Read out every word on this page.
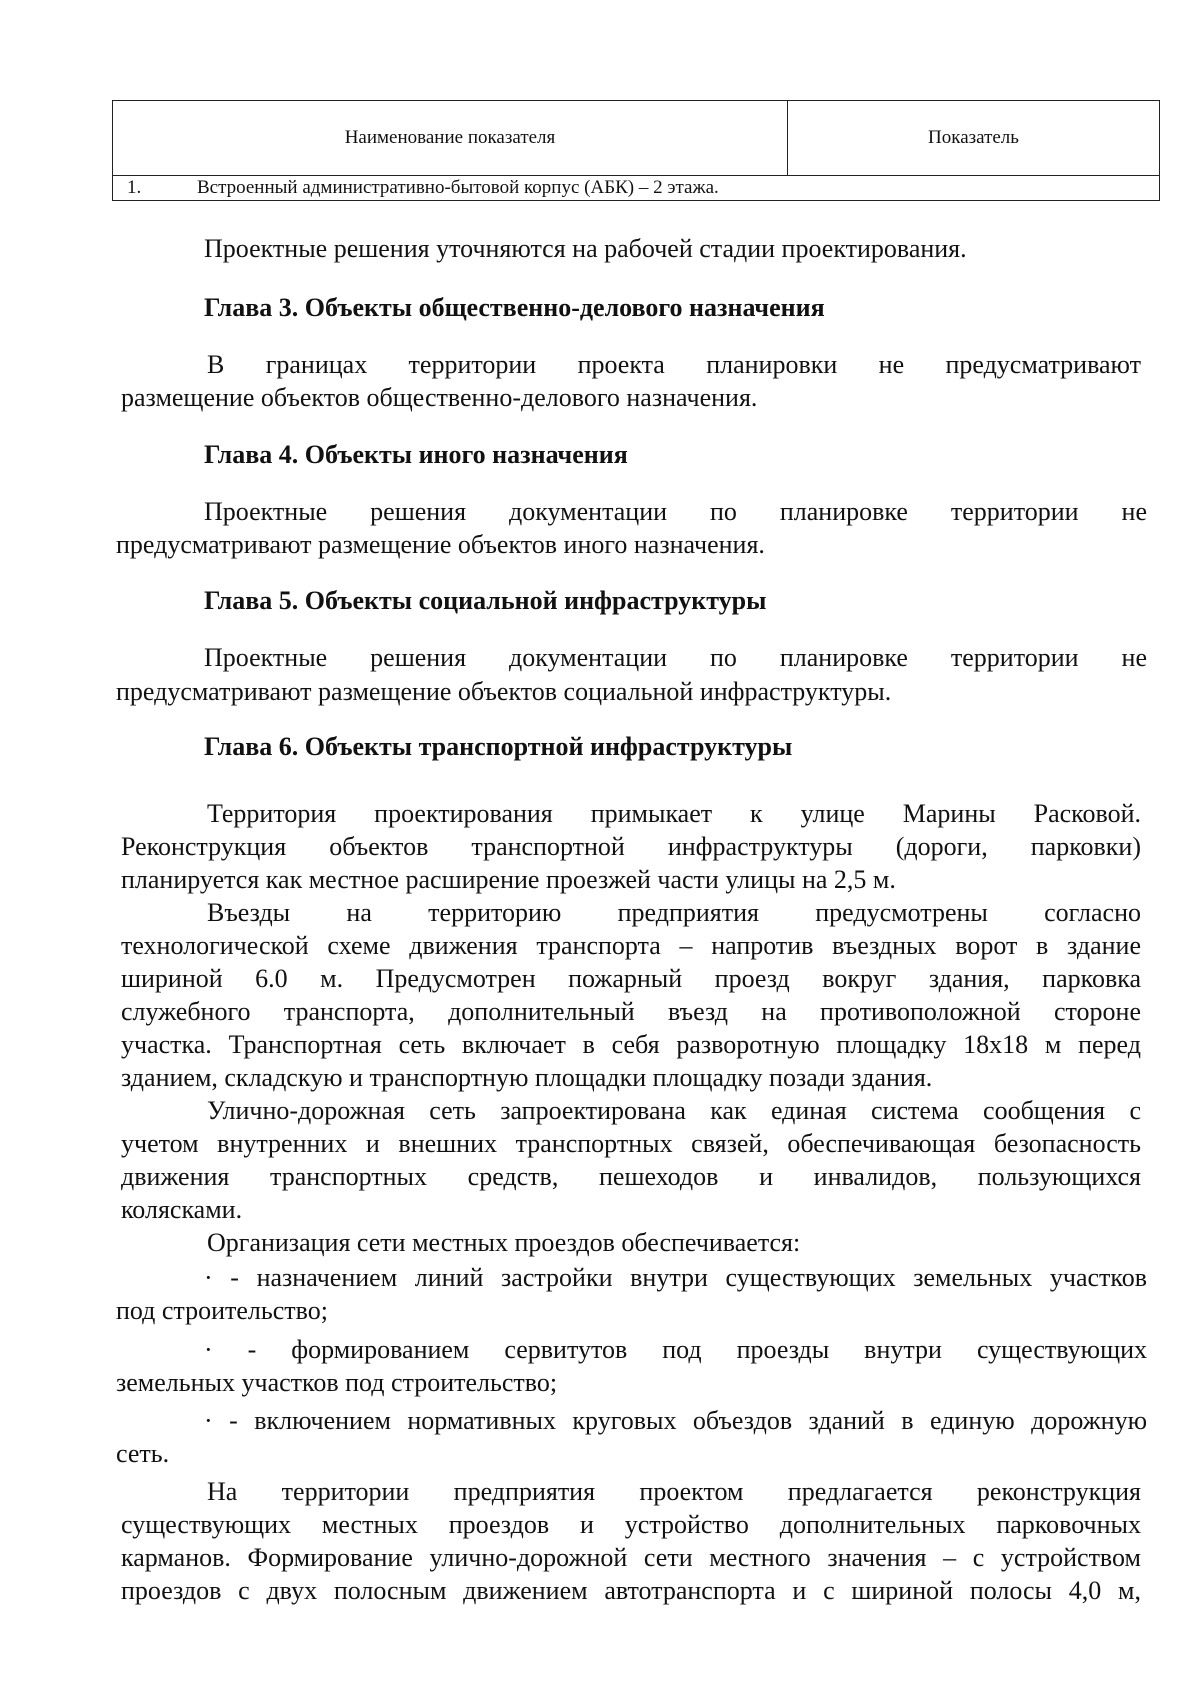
Наименование показателя	Показатель
1.	Встроенный административно-бытовой корпус (АБК) – 2 этажа.

Проектные решения уточняются на рабочей стадии проектирования.

Глава 3. Объекты общественно-делового назначения

В границах территории проекта планировки не предусматривают

размещение объектов общественно-делового назначения.

Глава 4. Объекты иного назначения

Проектные решения документации по планировке территории не

предусматривают размещение объектов иного назначения.

Глава 5. Объекты социальной инфраструктуры

Проектные решения документации по планировке территории не

предусматривают размещение объектов социальной инфраструктуры.

Глава 6. Объекты транспортной инфраструктуры

Территория проектирования примыкает к улице Марины Расковой.

Реконструкция объектов транспортной инфраструктуры (дороги, парковки)

планируется как местное расширение проезжей части улицы на 2,5 м.

Въезды на территорию предприятия предусмотрены согласно

технологической схеме движения транспорта – напротив въездных ворот в здание

шириной 6.0 м. Предусмотрен пожарный проезд вокруг здания, парковка

служебного транспорта, дополнительный въезд на противоположной стороне

участка. Транспортная сеть включает в себя разворотную площадку 18х18 м перед

зданием, складскую и транспортную площадки площадку позади здания.

Улично-дорожная сеть запроектирована как единая система сообщения с

учетом внутренних и внешних транспортных связей, обеспечивающая безопасность

движения транспортных средств, пешеходов и инвалидов, пользующихся

колясками.

Организация сети местных проездов обеспечивается:

· - назначением линий застройки внутри существующих земельных участков

под строительство;

· - формированием сервитутов под проезды внутри существующих

земельных участков под строительство;

· - включением нормативных круговых объездов зданий в единую дорожную

сеть.

На территории предприятия проектом предлагается реконструкция

существующих местных проездов и устройство дополнительных парковочных

карманов. Формирование улично-дорожной сети местного значения – с устройством

проездов с двух полосным движением автотранспорта и с шириной полосы 4,0 м,
